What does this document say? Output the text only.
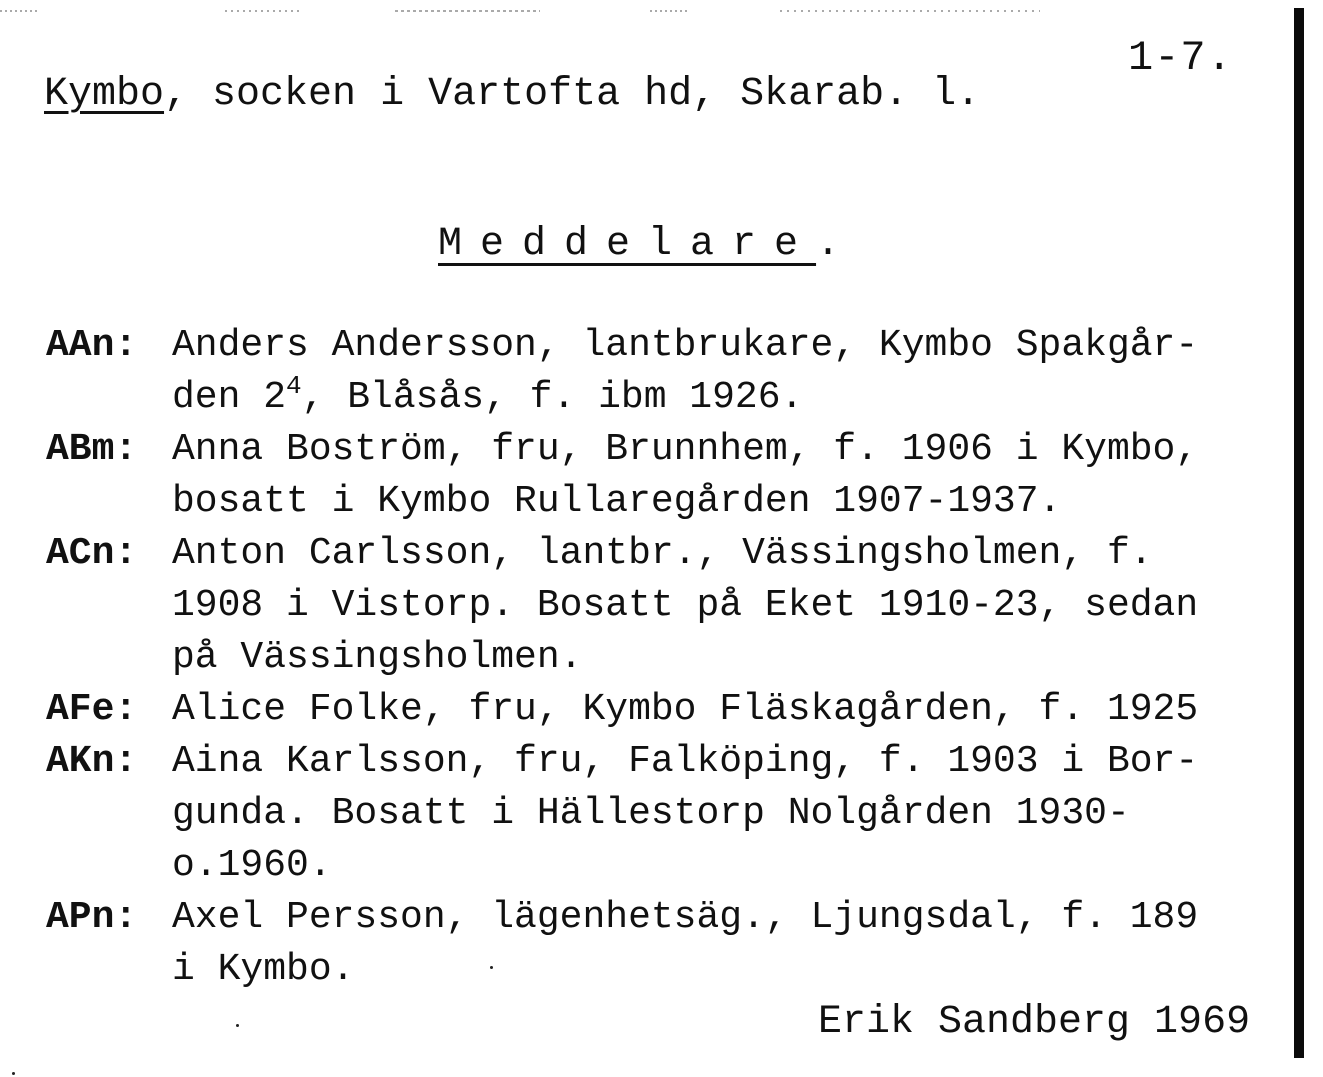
1-7.
Kymbo, socken i Vartofta hd, Skarab. l.
Meddelare.
AAn: Anders Andersson, lantbrukare, Kymbo Spakgår-
den $2^4$, Blåsås, f. ibm 1926.
ABm: Anna Boström, fru, Brunnhem, f. 1906 i Kymbo,
bosatt i Kymbo Rullaregården 1907-1937.
ACn: Anton Carlsson, lantbr., Vässingsholmen, f.
1908 i Vistorp. Bosatt på Eket 1910-23, sedan
på Vässingsholmen.
AFe: Alice Folke, fru, Kymbo Fläskagården, f. 1925
AKn: Aina Karlsson, fru, Falköping, f. 1903 i Bor-
gunda. Bosatt i Hällestorp Nolgården 1930-
o.1960.
APn: Axel Persson, lägenhetsäg., Ljungsdal, f. 189
i Kymbo.
Erik Sandberg 1969
